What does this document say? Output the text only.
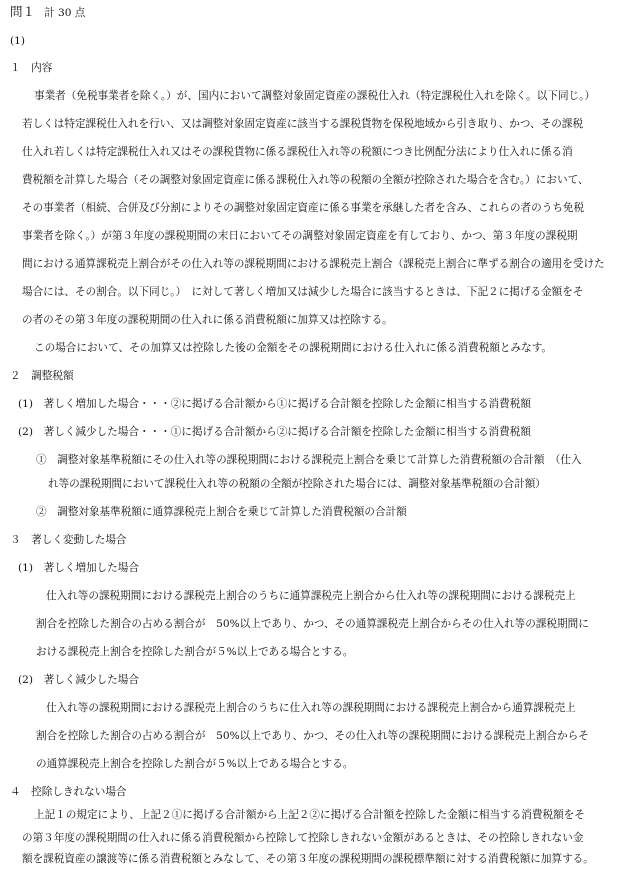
問１ 計 30 点
(1)
１　内容
事業者（免税事業者を除く。）が、国内において調整対象固定資産の課税仕入れ（特定課税仕入れを除く。以下同じ。）
若しくは特定課税仕入れを行い、又は調整対象固定資産に該当する課税貨物を保税地域から引き取り、かつ、その課税
仕入れ若しくは特定課税仕入れ又はその課税貨物に係る課税仕入れ等の税額につき比例配分法により仕入れに係る消
費税額を計算した場合（その調整対象固定資産に係る課税仕入れ等の税額の全額が控除された場合を含む。）において、
その事業者（相続、合併及び分割によりその調整対象固定資産に係る事業を承継した者を含み、これらの者のうち免税
事業者を除く。）が第３年度の課税期間の末日においてその調整対象固定資産を有しており、かつ、第３年度の課税期
間における通算課税売上割合がその仕入れ等の課税期間における課税売上割合（課税売上割合に準ずる割合の適用を受けた
場合には、その割合。以下同じ。）　に対して著しく増加又は減少した場合に該当するときは、下記２に掲げる金額をそ
の者のその第３年度の課税期間の仕入れに係る消費税額に加算又は控除する。
この場合において、その加算又は控除した後の金額をその課税期間における仕入れに係る消費税額とみなす。
２　調整税額
(1)　著しく増加した場合・・・②に掲げる合計額から①に掲げる合計額を控除した金額に相当する消費税額
(2)　著しく減少した場合・・・①に掲げる合計額から②に掲げる合計額を控除した金額に相当する消費税額
①　調整対象基準税額にその仕入れ等の課税期間における課税売上割合を乗じて計算した消費税額の合計額　（仕入
れ等の課税期間において課税仕入れ等の税額の全額が控除された場合には、調整対象基準税額の合計額）
②　調整対象基準税額に通算課税売上割合を乗じて計算した消費税額の合計額
３　著しく変動した場合
(1)　著しく増加した場合
仕入れ等の課税期間における課税売上割合のうちに通算課税売上割合から仕入れ等の課税期間における課税売上
割合を控除した割合の占める割合が　50%以上であり、かつ、その通算課税売上割合からその仕入れ等の課税期間に
おける課税売上割合を控除した割合が５%以上である場合とする。
(2)　著しく減少した場合
仕入れ等の課税期間における課税売上割合のうちに仕入れ等の課税期間における課税売上割合から通算課税売上
割合を控除した割合の占める割合が　50%以上であり、かつ、その仕入れ等の課税期間における課税売上割合からそ
の通算課税売上割合を控除した割合が５%以上である場合とする。
４　控除しきれない場合
上記１の規定により、上記２①に掲げる合計額から上記２②に掲げる合計額を控除した金額に相当する消費税額をそ
の第３年度の課税期間の仕入れに係る消費税額から控除して控除しきれない金額があるときは、その控除しきれない金
額を課税資産の譲渡等に係る消費税額とみなして、その第３年度の課税期間の課税標準額に対する消費税額に加算する。
